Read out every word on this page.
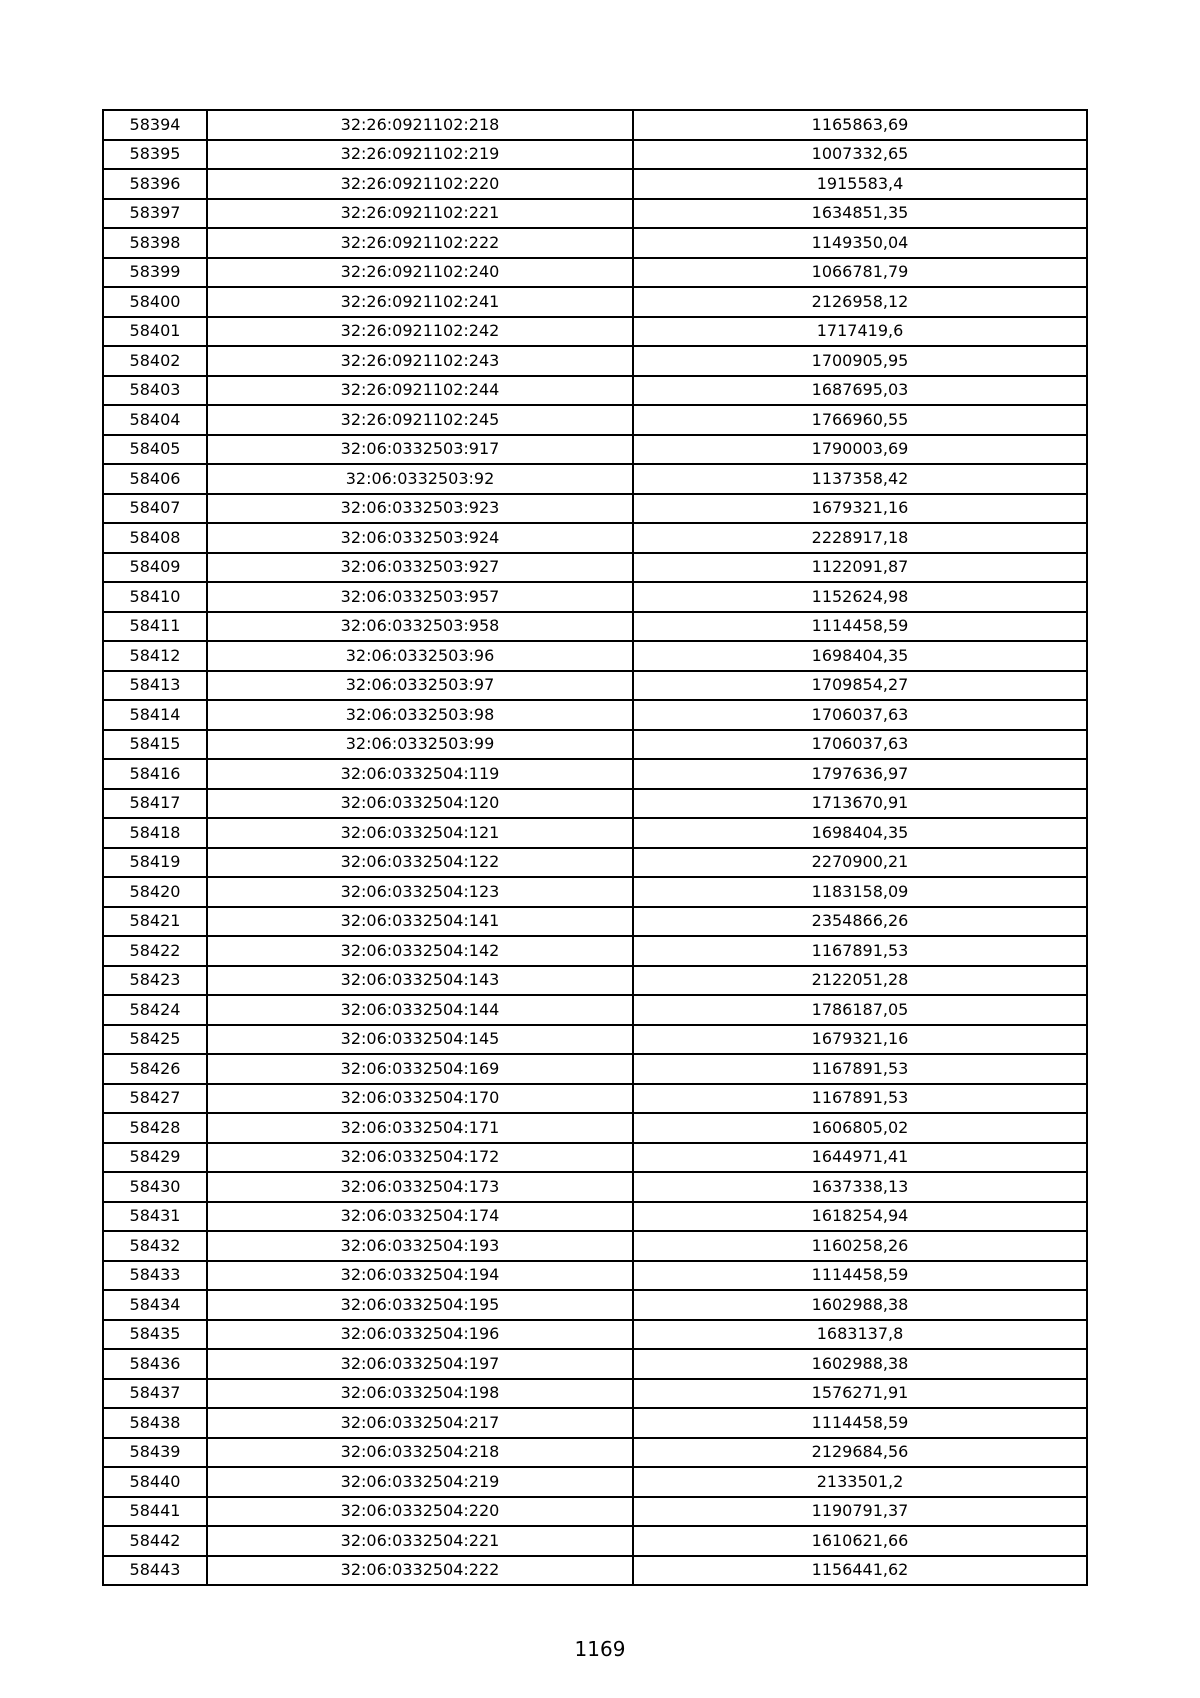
58394	32:26:0921102:218	1165863,69
58395	32:26:0921102:219	1007332,65
58396	32:26:0921102:220	1915583,4
58397	32:26:0921102:221	1634851,35
58398	32:26:0921102:222	1149350,04
58399	32:26:0921102:240	1066781,79
58400	32:26:0921102:241	2126958,12
58401	32:26:0921102:242	1717419,6
58402	32:26:0921102:243	1700905,95
58403	32:26:0921102:244	1687695,03
58404	32:26:0921102:245	1766960,55
58405	32:06:0332503:917	1790003,69
58406	32:06:0332503:92	1137358,42
58407	32:06:0332503:923	1679321,16
58408	32:06:0332503:924	2228917,18
58409	32:06:0332503:927	1122091,87
58410	32:06:0332503:957	1152624,98
58411	32:06:0332503:958	1114458,59
58412	32:06:0332503:96	1698404,35
58413	32:06:0332503:97	1709854,27
58414	32:06:0332503:98	1706037,63
58415	32:06:0332503:99	1706037,63
58416	32:06:0332504:119	1797636,97
58417	32:06:0332504:120	1713670,91
58418	32:06:0332504:121	1698404,35
58419	32:06:0332504:122	2270900,21
58420	32:06:0332504:123	1183158,09
58421	32:06:0332504:141	2354866,26
58422	32:06:0332504:142	1167891,53
58423	32:06:0332504:143	2122051,28
58424	32:06:0332504:144	1786187,05
58425	32:06:0332504:145	1679321,16
58426	32:06:0332504:169	1167891,53
58427	32:06:0332504:170	1167891,53
58428	32:06:0332504:171	1606805,02
58429	32:06:0332504:172	1644971,41
58430	32:06:0332504:173	1637338,13
58431	32:06:0332504:174	1618254,94
58432	32:06:0332504:193	1160258,26
58433	32:06:0332504:194	1114458,59
58434	32:06:0332504:195	1602988,38
58435	32:06:0332504:196	1683137,8
58436	32:06:0332504:197	1602988,38
58437	32:06:0332504:198	1576271,91
58438	32:06:0332504:217	1114458,59
58439	32:06:0332504:218	2129684,56
58440	32:06:0332504:219	2133501,2
58441	32:06:0332504:220	1190791,37
58442	32:06:0332504:221	1610621,66
58443	32:06:0332504:222	1156441,62
1169
